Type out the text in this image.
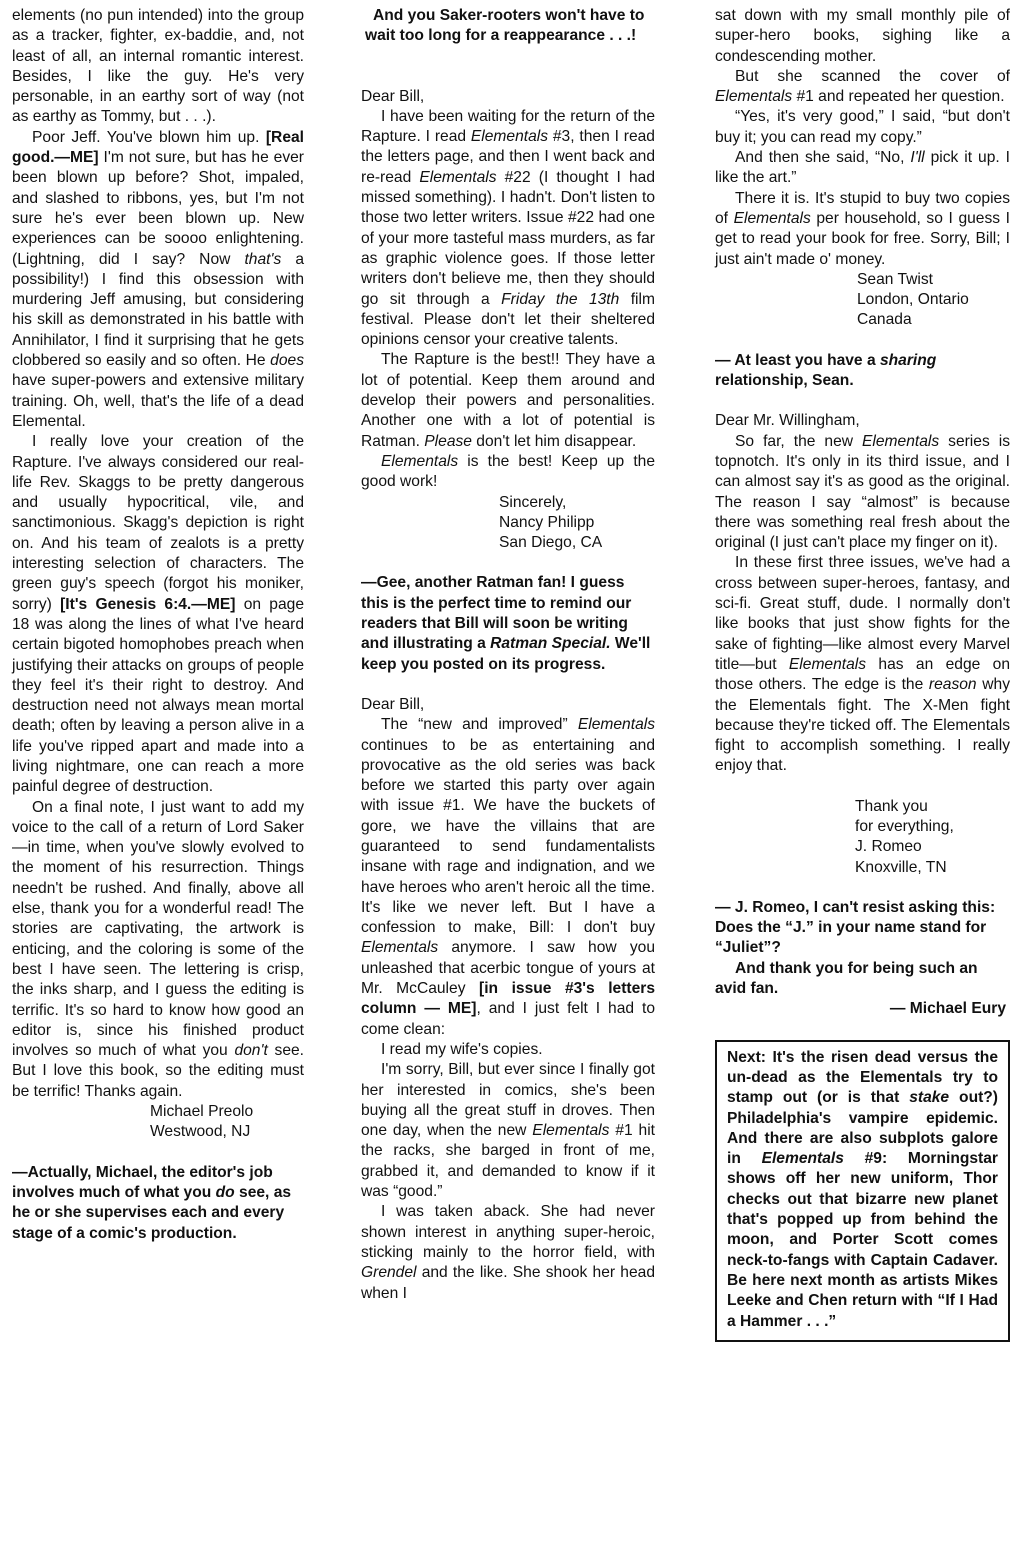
elements (no pun intended) into the group as a tracker, fighter, ex-baddie, and, not least of all, an internal romantic interest. Besides, I like the guy. He's very personable, in an earthy sort of way (not as earthy as Tommy, but . . .).

Poor Jeff. You've blown him up. [Real good.—ME] I'm not sure, but has he ever been blown up before? Shot, impaled, and slashed to ribbons, yes, but I'm not sure he's ever been blown up. New experiences can be soooo enlightening. (Lightning, did I say? Now that's a possibility!) I find this obsession with murdering Jeff amusing, but considering his skill as demonstrated in his battle with Annihilator, I find it surprising that he gets clobbered so easily and so often. He does have super-powers and extensive military training. Oh, well, that's the life of a dead Elemental.

I really love your creation of the Rapture. I've always considered our real-life Rev. Skaggs to be pretty dangerous and usually hypocritical, vile, and sanctimonious. Skagg's depiction is right on. And his team of zealots is a pretty interesting selection of characters. The green guy's speech (forgot his moniker, sorry) [It's Genesis 6:4.—ME] on page 18 was along the lines of what I've heard certain bigoted homophobes preach when justifying their attacks on groups of people they feel it's their right to destroy. And destruction need not always mean mortal death; often by leaving a person alive in a life you've ripped apart and made into a living nightmare, one can reach a more painful degree of destruction.

On a final note, I just want to add my voice to the call of a return of Lord Saker—in time, when you've slowly evolved to the moment of his resurrection. Things needn't be rushed. And finally, above all else, thank you for a wonderful read! The stories are captivating, the artwork is enticing, and the coloring is some of the best I have seen. The lettering is crisp, the inks sharp, and I guess the editing is terrific. It's so hard to know how good an editor is, since his finished product involves so much of what you don't see. But I love this book, so the editing must be terrific! Thanks again.

Michael Preolo
Westwood, NJ

—Actually, Michael, the editor's job involves much of what you do see, as he or she supervises each and every stage of a comic's production.

And you Saker-rooters won't have to wait too long for a reappearance . . .!

Dear Bill,

I have been waiting for the return of the Rapture. I read Elementals #3, then I read the letters page, and then I went back and re-read Elementals #22 (I thought I had missed something). I hadn't. Don't listen to those two letter writers. Issue #22 had one of your more tasteful mass murders, as far as graphic violence goes. If those letter writers don't believe me, then they should go sit through a Friday the 13th film festival. Please don't let their sheltered opinions censor your creative talents.

The Rapture is the best!! They have a lot of potential. Keep them around and develop their powers and personalities. Another one with a lot of potential is Ratman. Please don't let him disappear.

Elementals is the best! Keep up the good work!

Sincerely,
Nancy Philipp
San Diego, CA

—Gee, another Ratman fan! I guess this is the perfect time to remind our readers that Bill will soon be writing and illustrating a Ratman Special. We'll keep you posted on its progress.

Dear Bill,

The “new and improved” Elementals continues to be as entertaining and provocative as the old series was back before we started this party over again with issue #1. We have the buckets of gore, we have the villains that are guaranteed to send fundamentalists insane with rage and indignation, and we have heroes who aren't heroic all the time. It's like we never left. But I have a confession to make, Bill: I don't buy Elementals anymore. I saw how you unleashed that acerbic tongue of yours at Mr. McCauley [in issue #3's letters column — ME], and I just felt I had to come clean:

I read my wife's copies.

I'm sorry, Bill, but ever since I finally got her interested in comics, she's been buying all the great stuff in droves. Then one day, when the new Elementals #1 hit the racks, she barged in front of me, grabbed it, and demanded to know if it was “good.”

I was taken aback. She had never shown interest in anything super-heroic, sticking mainly to the horror field, with Grendel and the like. She shook her head when I

sat down with my small monthly pile of super-hero books, sighing like a condescending mother.

But she scanned the cover of Elementals #1 and repeated her question.

“Yes, it's very good,” I said, “but don't buy it; you can read my copy.”

And then she said, “No, I'll pick it up. I like the art.”

There it is. It's stupid to buy two copies of Elementals per household, so I guess I get to read your book for free. Sorry, Bill; I just ain't made o' money.

Sean Twist
London, Ontario
Canada

— At least you have a sharing relationship, Sean.

Dear Mr. Willingham,

So far, the new Elementals series is topnotch. It's only in its third issue, and I can almost say it's as good as the original. The reason I say “almost” is because there was something real fresh about the original (I just can't place my finger on it).

In these first three issues, we've had a cross between super-heroes, fantasy, and sci-fi. Great stuff, dude. I normally don't like books that just show fights for the sake of fighting—like almost every Marvel title—but Elementals has an edge on those others. The edge is the reason why the Elementals fight. The X-Men fight because they're ticked off. The Elementals fight to accomplish something. I really enjoy that.

Thank you
for everything,
J. Romeo
Knoxville, TN

— J. Romeo, I can't resist asking this: Does the “J.” in your name stand for “Juliet”?

And thank you for being such an avid fan.

— Michael Eury

Next: It's the risen dead versus the un-dead as the Elementals try to stamp out (or is that stake out?) Philadelphia's vampire epidemic. And there are also subplots galore in Elementals #9: Morningstar shows off her new uniform, Thor checks out that bizarre new planet that's popped up from behind the moon, and Porter Scott comes neck-to-fangs with Captain Cadaver. Be here next month as artists Mikes Leeke and Chen return with “If I Had a Hammer . . .”
